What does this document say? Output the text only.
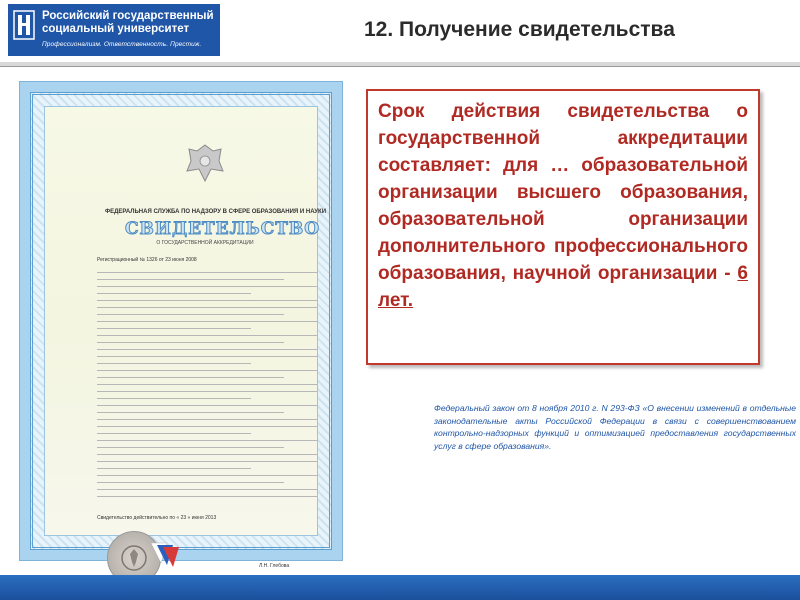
Российский государственный
социальный университет
Профессионализм. Ответственность. Престиж.
12. Получение свидетельства
ФЕДЕРАЛЬНАЯ СЛУЖБА ПО НАДЗОРУ В СФЕРЕ ОБРАЗОВАНИЯ И НАУКИ
СВИДЕТЕЛЬСТВО
О ГОСУДАРСТВЕННОЙ АККРЕДИТАЦИИ
Регистрационный № 1326 от 23 июня 2008
Свидетельство действительно по « 23 » июня 2013
Л.Н. Глебова

Срок действия свидетельства о государственной аккредитации составляет: для … образовательной организации высшего образования, образовательной организации дополнительного профессионального образования, научной организации - 6 лет.

Федеральный закон от 8 ноября 2010 г. N 293-ФЗ «О внесении изменений в отдельные законодательные акты Российской Федерации в связи с совершенствованием контрольно-надзорных функций и оптимизацией предоставления государственных услуг в сфере образования».
